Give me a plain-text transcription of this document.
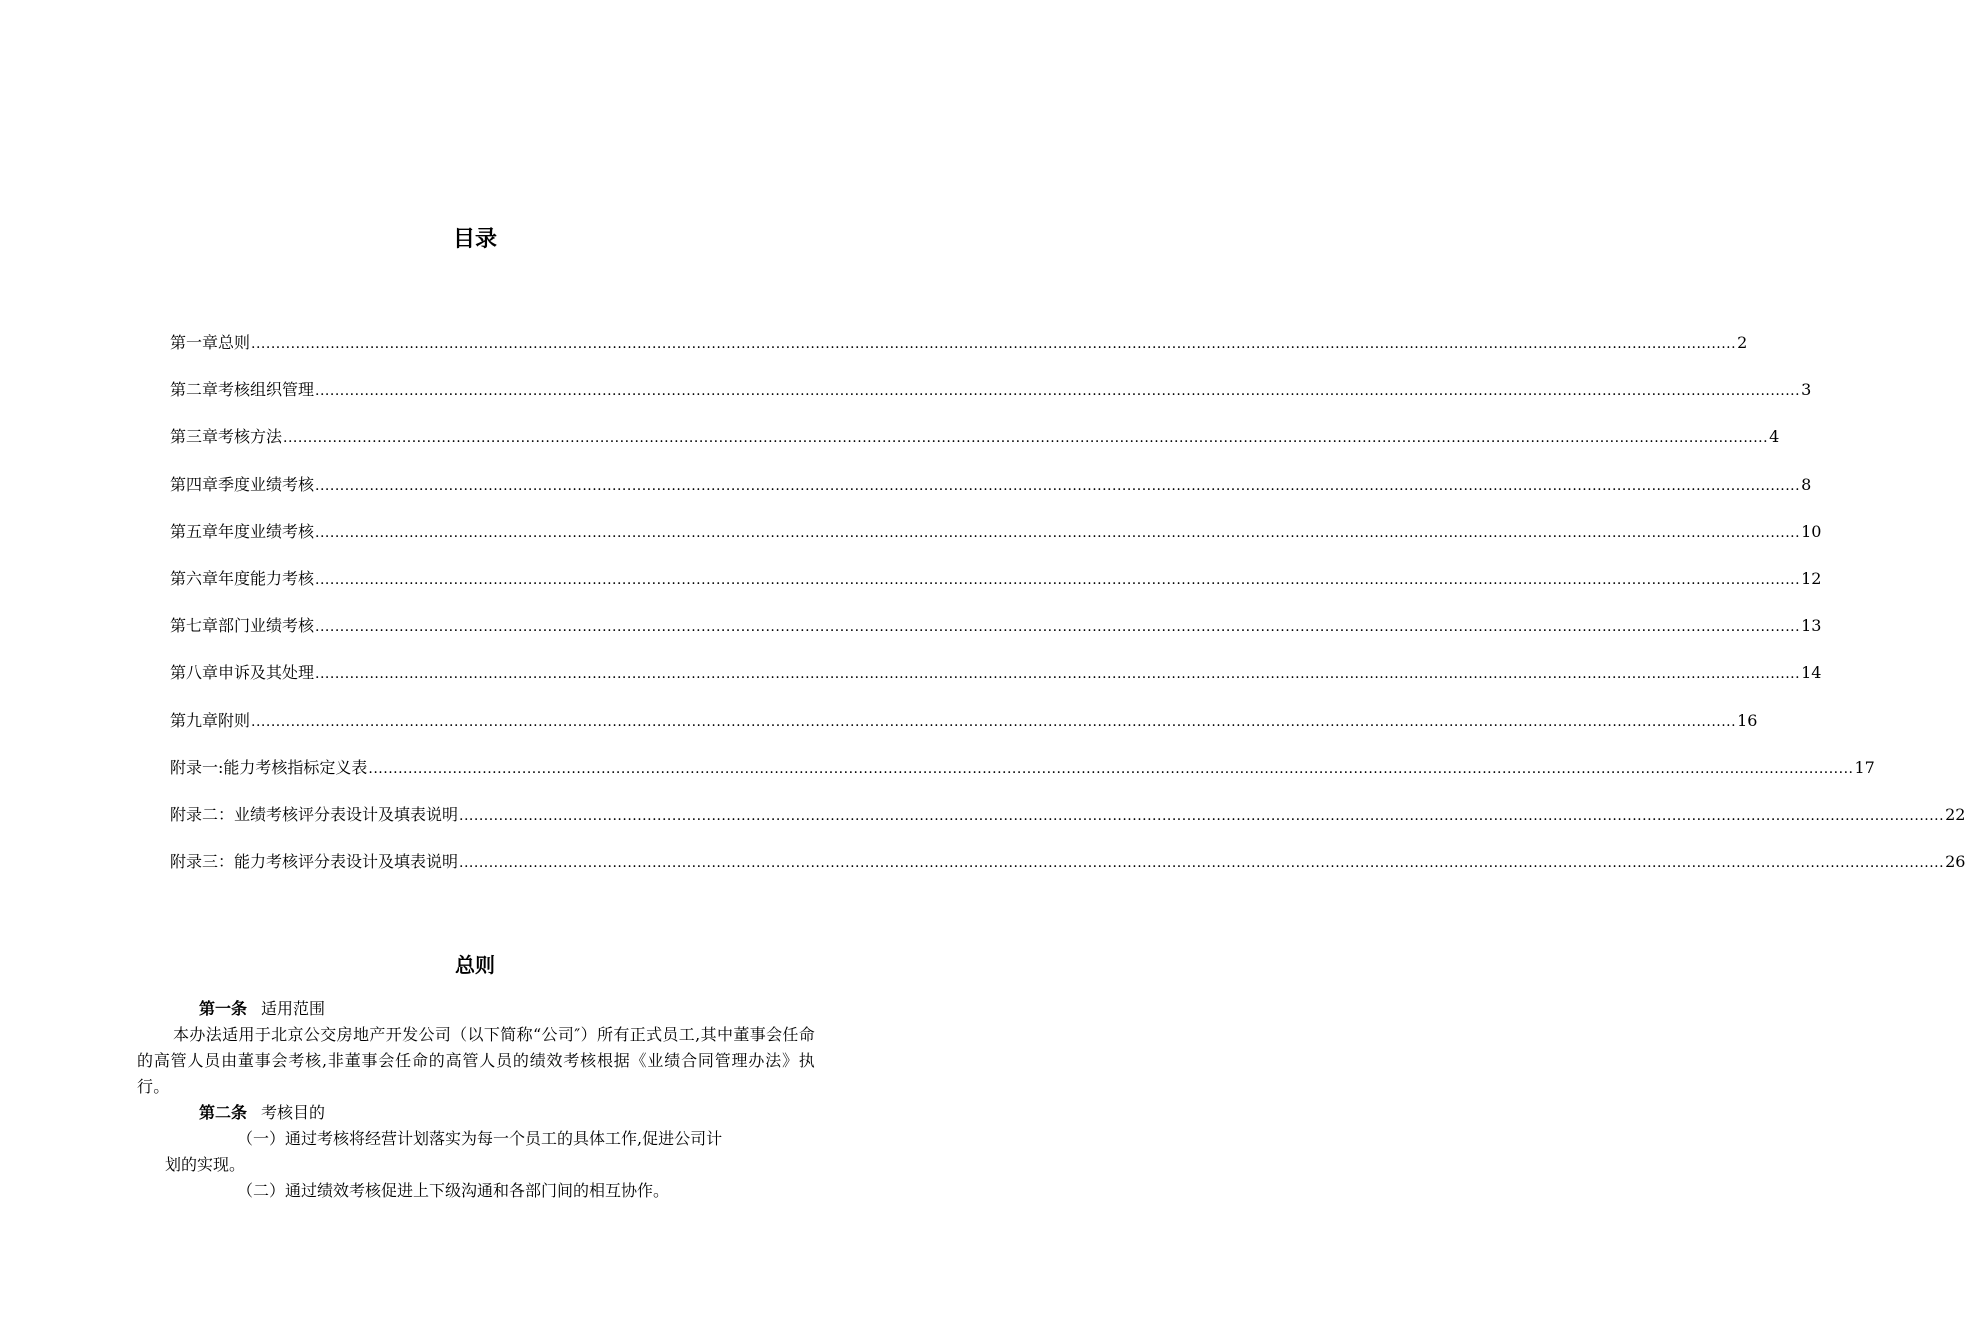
目录
第一章总则 ............................................................................................................................................................................................................................................................................................................ 2
第二章考核组织管理 ............................................................................................................................................................................................................................................................................................................ 3
第三章考核方法 ............................................................................................................................................................................................................................................................................................................ 4
第四章季度业绩考核 ............................................................................................................................................................................................................................................................................................................ 8
第五章年度业绩考核 ............................................................................................................................................................................................................................................................................................................ 10
第六章年度能力考核 ............................................................................................................................................................................................................................................................................................................ 12
第七章部门业绩考核 ............................................................................................................................................................................................................................................................................................................ 13
第八章申诉及其处理 ............................................................................................................................................................................................................................................................................................................ 14
第九章附则 ............................................................................................................................................................................................................................................................................................................ 16
附录一:能力考核指标定义表 ............................................................................................................................................................................................................................................................................................................ 17
附录二：业绩考核评分表设计及填表说明 ............................................................................................................................................................................................................................................................................................................ 22
附录三：能力考核评分表设计及填表说明 ............................................................................................................................................................................................................................................................................................................ 26
总则
第一条 适用范围
本办法适用于北京公交房地产开发公司（以下简称“公司″）所有正式员工,其中董事会任命的高管人员由董事会考核,非董事会任命的高管人员的绩效考核根据《业绩合同管理办法》执行。
第二条 考核目的
（一）通过考核将经营计划落实为每一个员工的具体工作,促进公司计
划的实现。
（二）通过绩效考核促进上下级沟通和各部门间的相互协作。
